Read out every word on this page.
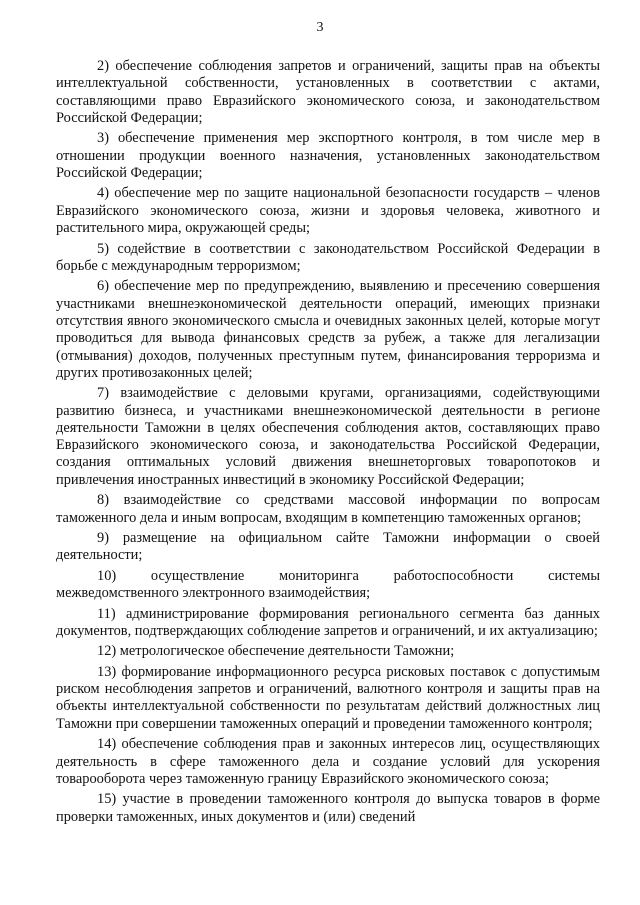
3

2) обеспечение соблюдения запретов и ограничений, защиты прав на объекты интеллектуальной собственности, установленных в соответствии с актами, составляющими право Евразийского экономического союза, и законодательством Российской Федерации;

3) обеспечение применения мер экспортного контроля, в том числе мер в отношении продукции военного назначения, установленных законодательством Российской Федерации;

4) обеспечение мер по защите национальной безопасности государств – членов Евразийского экономического союза, жизни и здоровья человека, животного и растительного мира, окружающей среды;

5) содействие в соответствии с законодательством Российской Федерации в борьбе с международным терроризмом;

6) обеспечение мер по предупреждению, выявлению и пресечению совершения участниками внешнеэкономической деятельности операций, имеющих признаки отсутствия явного экономического смысла и очевидных законных целей, которые могут проводиться для вывода финансовых средств за рубеж, а также для легализации (отмывания) доходов, полученных преступным путем, финансирования терроризма и других противозаконных целей;

7) взаимодействие с деловыми кругами, организациями, содействующими развитию бизнеса, и участниками внешнеэкономической деятельности в регионе деятельности Таможни в целях обеспечения соблюдения актов, составляющих право Евразийского экономического союза, и законодательства Российской Федерации, создания оптимальных условий движения внешнеторговых товаропотоков и привлечения иностранных инвестиций в экономику Российской Федерации;

8) взаимодействие со средствами массовой информации по вопросам таможенного дела и иным вопросам, входящим в компетенцию таможенных органов;

9) размещение на официальном сайте Таможни информации о своей деятельности;

10) осуществление мониторинга работоспособности системы межведомственного электронного взаимодействия;

11) администрирование формирования регионального сегмента баз данных документов, подтверждающих соблюдение запретов и ограничений, и их актуализацию;

12) метрологическое обеспечение деятельности Таможни;

13) формирование информационного ресурса рисковых поставок с допустимым риском несоблюдения запретов и ограничений, валютного контроля и защиты прав на объекты интеллектуальной собственности по результатам действий должностных лиц Таможни при совершении таможенных операций и проведении таможенного контроля;

14) обеспечение соблюдения прав и законных интересов лиц, осуществляющих деятельность в сфере таможенного дела и создание условий для ускорения товарооборота через таможенную границу Евразийского экономического союза;

15) участие в проведении таможенного контроля до выпуска товаров в форме проверки таможенных, иных документов и (или) сведений
